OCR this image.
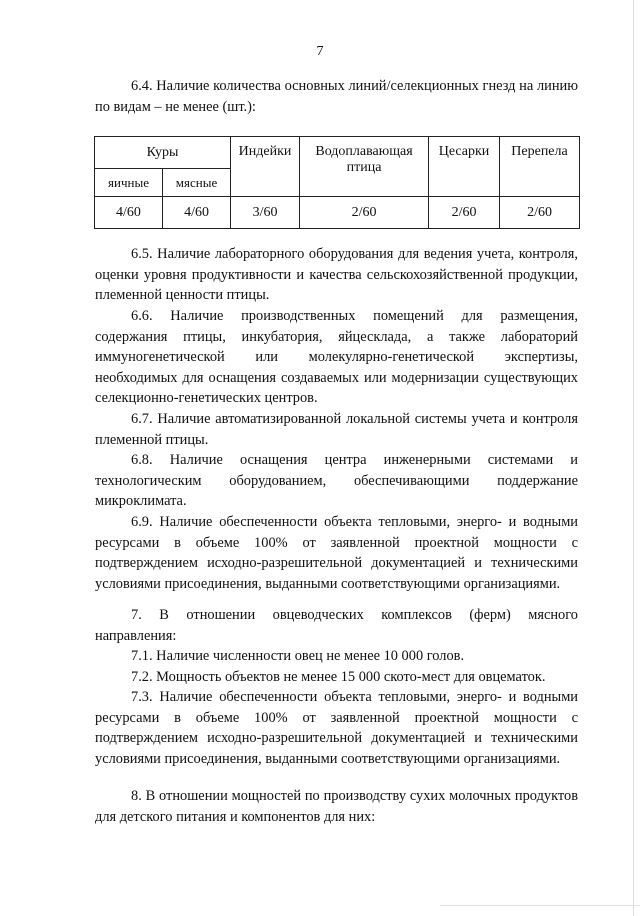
7

6.4. Наличие количества основных линий/селекционных гнезд на линию по видам – не менее (шт.):

Куры		Индейки	Водоплавающая птица	Цесарки	Перепела
яичные	мясные				
4/60	4/60	3/60	2/60	2/60	2/60

6.5. Наличие лабораторного оборудования для ведения учета, контроля, оценки уровня продуктивности и качества сельскохозяйственной продукции, племенной ценности птицы.

6.6. Наличие производственных помещений для размещения, содержания птицы, инкубатория, яйцесклада, а также лабораторий иммуногенетической или молекулярно-генетической экспертизы, необходимых для оснащения создаваемых или модернизации существующих селекционно-генетических центров.

6.7. Наличие автоматизированной локальной системы учета и контроля племенной птицы.

6.8. Наличие оснащения центра инженерными системами и технологическим оборудованием, обеспечивающими поддержание микроклимата.

6.9. Наличие обеспеченности объекта тепловыми, энерго- и водными ресурсами в объеме 100% от заявленной проектной мощности с подтверждением исходно-разрешительной документацией и техническими условиями присоединения, выданными соответствующими организациями.

7. В отношении овцеводческих комплексов (ферм) мясного направления:

7.1. Наличие численности овец не менее 10 000 голов.

7.2. Мощность объектов не менее 15 000 ското-мест для овцематок.

7.3. Наличие обеспеченности объекта тепловыми, энерго- и водными ресурсами в объеме 100% от заявленной проектной мощности с подтверждением исходно-разрешительной документацией и техническими условиями присоединения, выданными соответствующими организациями.

8. В отношении мощностей по производству сухих молочных продуктов для детского питания и компонентов для них:
